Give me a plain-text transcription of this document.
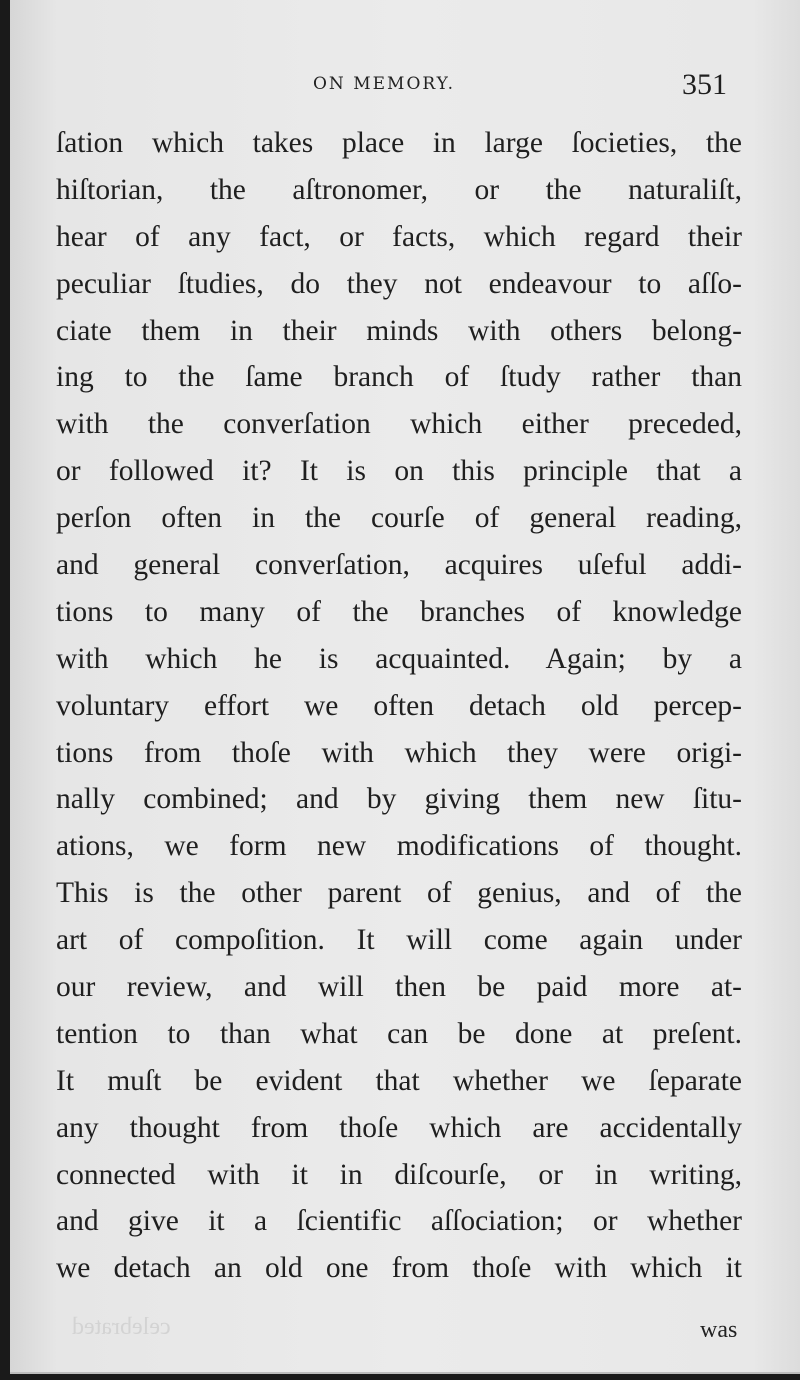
ON MEMORY.	351
ſation which takes place in large ſocieties, the
hiſtorian, the aſtronomer, or the naturaliſt,
hear of any fact, or facts, which regard their
peculiar ſtudies, do they not endeavour to aſſo-
ciate them in their minds with others belong-
ing to the ſame branch of ſtudy rather than
with the converſation which either preceded,
or followed it? It is on this principle that a
perſon often in the courſe of general reading,
and general converſation, acquires uſeful addi-
tions to many of the branches of knowledge
with which he is acquainted. Again; by a
voluntary effort we often detach old percep-
tions from thoſe with which they were origi-
nally combined; and by giving them new ſitu-
ations, we form new modifications of thought.
This is the other parent of genius, and of the
art of compoſition. It will come again under
our review, and will then be paid more at-
tention to than what can be done at preſent.
It muſt be evident that whether we ſeparate
any thought from thoſe which are accidentally
connected with it in diſcourſe, or in writing,
and give it a ſcientific aſſociation; or whether
we detach an old one from thoſe with which it
celebrated	was
